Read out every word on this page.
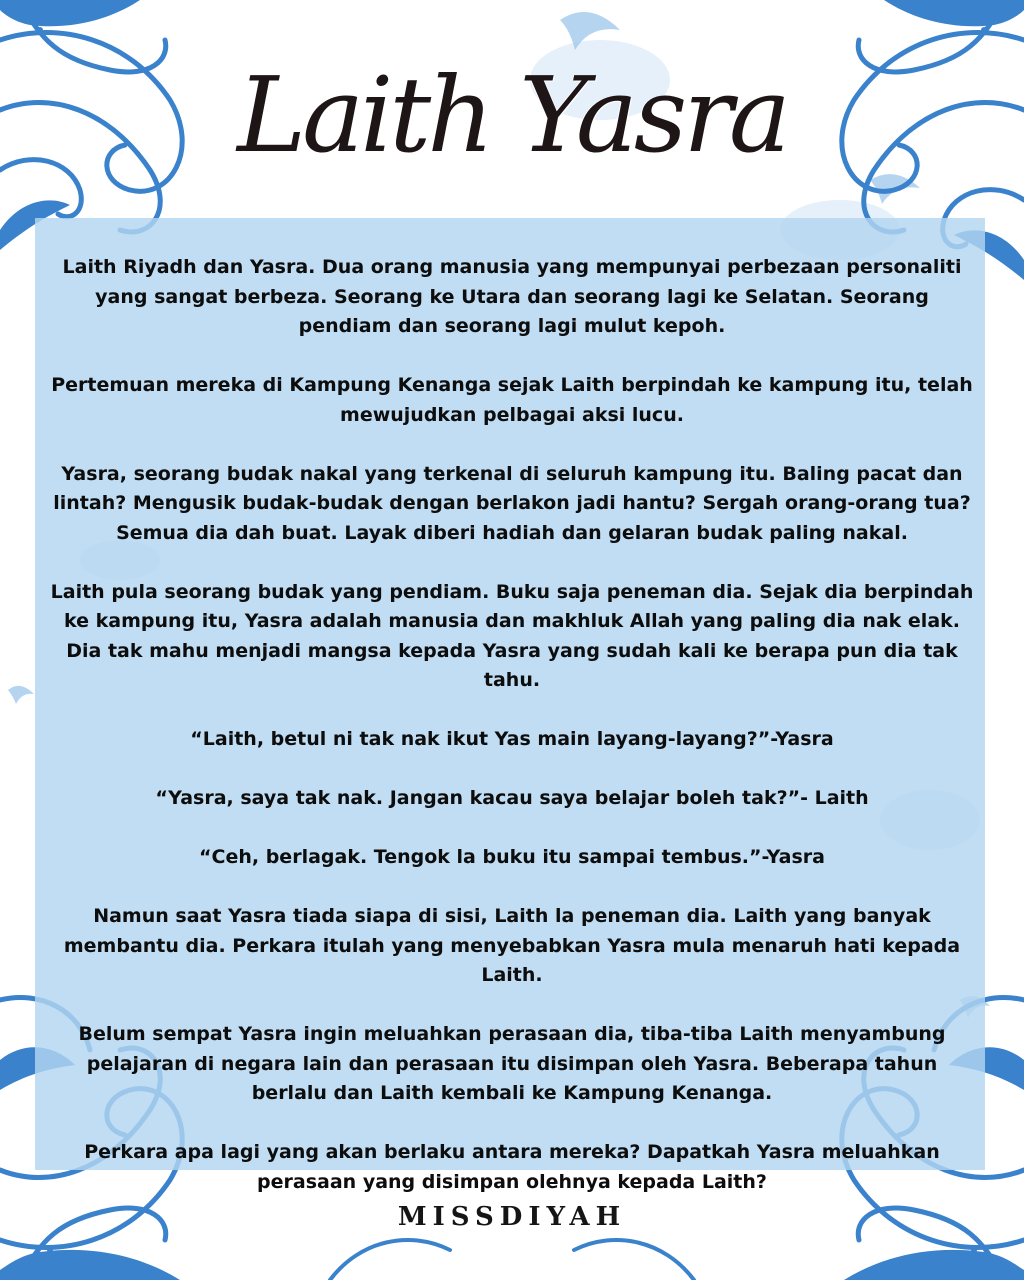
Laith Yasra

Laith Riyadh dan Yasra. Dua orang manusia yang mempunyai perbezaan personaliti yang sangat berbeza. Seorang ke Utara dan seorang lagi ke Selatan. Seorang pendiam dan seorang lagi mulut kepoh.

Pertemuan mereka di Kampung Kenanga sejak Laith berpindah ke kampung itu, telah mewujudkan pelbagai aksi lucu.

Yasra, seorang budak nakal yang terkenal di seluruh kampung itu. Baling pacat dan lintah? Mengusik budak-budak dengan berlakon jadi hantu? Sergah orang-orang tua? Semua dia dah buat. Layak diberi hadiah dan gelaran budak paling nakal.

Laith pula seorang budak yang pendiam. Buku saja peneman dia. Sejak dia berpindah ke kampung itu, Yasra adalah manusia dan makhluk Allah yang paling dia nak elak. Dia tak mahu menjadi mangsa kepada Yasra yang sudah kali ke berapa pun dia tak tahu.

“Laith, betul ni tak nak ikut Yas main layang-layang?”-Yasra

“Yasra, saya tak nak. Jangan kacau saya belajar boleh tak?”- Laith

“Ceh, berlagak. Tengok la buku itu sampai tembus.”-Yasra

Namun saat Yasra tiada siapa di sisi, Laith la peneman dia. Laith yang banyak membantu dia. Perkara itulah yang menyebabkan Yasra mula menaruh hati kepada Laith.

Belum sempat Yasra ingin meluahkan perasaan dia, tiba-tiba Laith menyambung pelajaran di negara lain dan perasaan itu disimpan oleh Yasra. Beberapa tahun berlalu dan Laith kembali ke Kampung Kenanga.

Perkara apa lagi yang akan berlaku antara mereka? Dapatkah Yasra meluahkan perasaan yang disimpan olehnya kepada Laith?

MISSDIYAH
